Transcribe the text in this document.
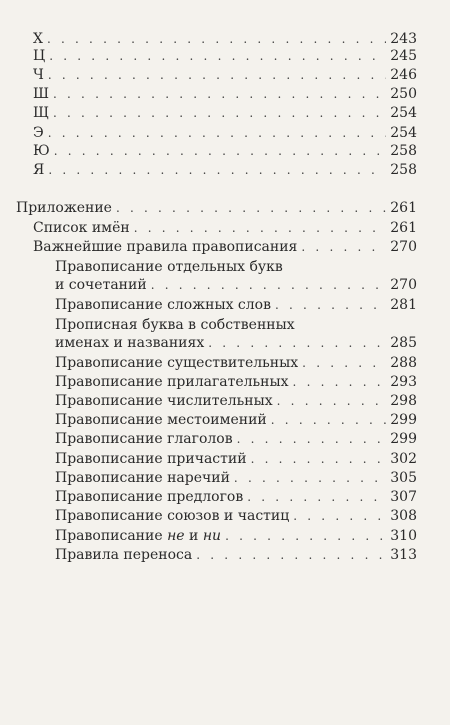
Х . . .	243
Ц . . .	245
Ч . . .	246
Ш . . .	250
Щ . . .	254
Э . . .	254
Ю . . .	258
Я . . .	258
Приложение . . .	261
Список имён . . .	261
Важнейшие правила правописания . . .	270
Правописание отдельных букв
и сочетаний . . .	270
Правописание сложных слов . . .	281
Прописная буква в собственных
именах и названиях . . .	285
Правописание существительных . . .	288
Правописание прилагательных . . .	293
Правописание числительных . . .	298
Правописание местоимений . . .	299
Правописание глаголов . . .	299
Правописание причастий . . .	302
Правописание наречий . . .	305
Правописание предлогов . . .	307
Правописание союзов и частиц . . .	308
Правописание не и ни . . .	310
Правила переноса . . .	313
